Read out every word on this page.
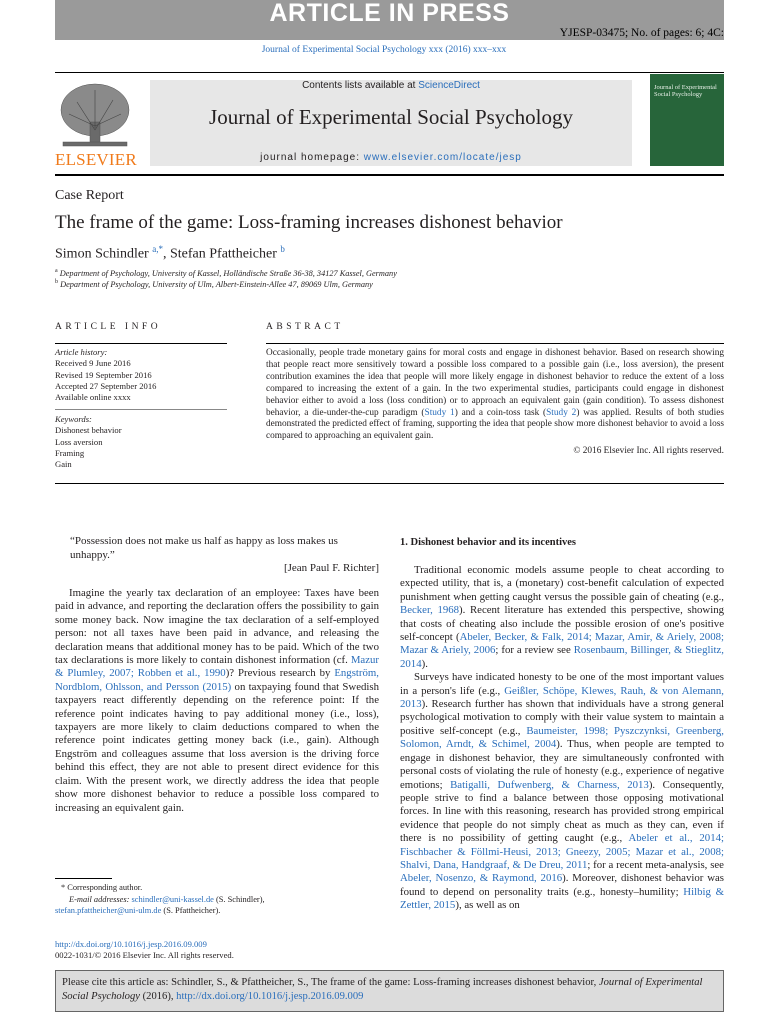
ARTICLE IN PRESS
YJESP-03475; No. of pages: 6; 4C:
Journal of Experimental Social Psychology xxx (2016) xxx–xxx
ELSEVIER
Contents lists available at ScienceDirect
Journal of Experimental Social Psychology
journal homepage: www.elsevier.com/locate/jesp
Journal of Experimental Social Psychology
Case Report
The frame of the game: Loss-framing increases dishonest behavior
Simon Schindler $^{a,*}$, Stefan Pfattheicher $^b$
$^a$ Department of Psychology, University of Kassel, Holländische Straße 36-38, 34127 Kassel, Germany
$^b$ Department of Psychology, University of Ulm, Albert-Einstein-Allee 47, 89069 Ulm, Germany
ARTICLE INFO
Article history:
Received 9 June 2016
Revised 19 September 2016
Accepted 27 September 2016
Available online xxxx
Keywords:
Dishonest behavior
Loss aversion
Framing
Gain
ABSTRACT
Occasionally, people trade monetary gains for moral costs and engage in dishonest behavior. Based on research showing that people react more sensitively toward a possible loss compared to a possible gain (i.e., loss aversion), the present contribution examines the idea that people will more likely engage in dishonest behavior to reduce the extent of a loss compared to increasing the extent of a gain. In the two experimental studies, participants could engage in dishonest behavior either to avoid a loss (loss condition) or to approach an equivalent gain (gain condition). To assess dishonest behavior, a die-under-the-cup paradigm (Study 1) and a coin-toss task (Study 2) was applied. Results of both studies demonstrated the predicted effect of framing, supporting the idea that people show more dishonest behavior to avoid a loss compared to approaching an equivalent gain.
© 2016 Elsevier Inc. All rights reserved.
“Possession does not make us half as happy as loss makes us unhappy.”
[Jean Paul F. Richter]

Imagine the yearly tax declaration of an employee: Taxes have been paid in advance, and reporting the declaration offers the possibility to gain some money back. Now imagine the tax declaration of a self-employed person: not all taxes have been paid in advance, and releasing the declaration means that additional money has to be paid. Which of the two tax declarations is more likely to contain dishonest information (cf. Mazur & Plumley, 2007; Robben et al., 1990)? Previous research by Engström, Nordblom, Ohlsson, and Persson (2015) on taxpaying found that Swedish taxpayers react differently depending on the reference point: If the reference point indicates having to pay additional money (i.e., loss), taxpayers are more likely to claim deductions compared to when the reference point indicates getting money back (i.e., gain). Although Engström and colleagues assume that loss aversion is the driving force behind this effect, they are not able to present direct evidence for this claim. With the present work, we directly address the idea that people show more dishonest behavior to reduce a possible loss compared to increasing an equivalent gain.

* Corresponding author.
E-mail addresses: schindler@uni-kassel.de (S. Schindler),
stefan.pfattheicher@uni-ulm.de (S. Pfattheicher).
http://dx.doi.org/10.1016/j.jesp.2016.09.009
0022-1031/© 2016 Elsevier Inc. All rights reserved.
1. Dishonest behavior and its incentives

Traditional economic models assume people to cheat according to expected utility, that is, a (monetary) cost-benefit calculation of expected punishment when getting caught versus the possible gain of cheating (e.g., Becker, 1968). Recent literature has extended this perspective, showing that costs of cheating also include the possible erosion of one's positive self-concept (Abeler, Becker, & Falk, 2014; Mazar, Amir, & Ariely, 2008; Mazar & Ariely, 2006; for a review see Rosenbaum, Billinger, & Stieglitz, 2014).

Surveys have indicated honesty to be one of the most important values in a person's life (e.g., Geißler, Schöpe, Klewes, Rauh, & von Alemann, 2013). Research further has shown that individuals have a strong general psychological motivation to comply with their value system to maintain a positive self-concept (e.g., Baumeister, 1998; Pyszczynksi, Greenberg, Solomon, Arndt, & Schimel, 2004). Thus, when people are tempted to engage in dishonest behavior, they are simultaneously confronted with personal costs of violating the rule of honesty (e.g., experience of negative emotions; Batigalli, Dufwenberg, & Charness, 2013). Consequently, people strive to find a balance between those opposing motivational forces. In line with this reasoning, research has provided strong empirical evidence that people do not simply cheat as much as they can, even if there is no possibility of getting caught (e.g., Abeler et al., 2014; Fischbacher & Föllmi-Heusi, 2013; Gneezy, 2005; Mazar et al., 2008; Shalvi, Dana, Handgraaf, & De Dreu, 2011; for a recent meta-analysis, see Abeler, Nosenzo, & Raymond, 2016). Moreover, dishonest behavior was found to depend on personality traits (e.g., honesty–humility; Hilbig & Zettler, 2015), as well as on

Please cite this article as: Schindler, S., & Pfattheicher, S., The frame of the game: Loss-framing increases dishonest behavior, Journal of Experimental Social Psychology (2016), http://dx.doi.org/10.1016/j.jesp.2016.09.009
